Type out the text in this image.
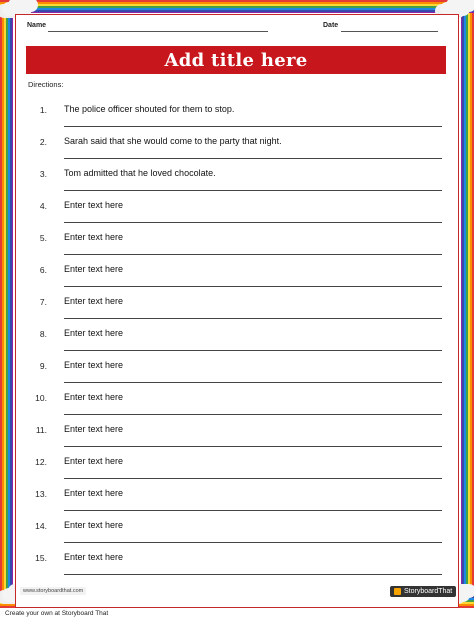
Name	Date
Add title here
Directions:
1. The police officer shouted for them to stop.
2. Sarah said that she would come to the party that night.
3. Tom admitted that he loved chocolate.
4. Enter text here
5. Enter text here
6. Enter text here
7. Enter text here
8. Enter text here
9. Enter text here
10. Enter text here
11. Enter text here
12. Enter text here
13. Enter text here
14. Enter text here
15. Enter text here
www.storyboardthat.com	StoryboardThat
Create your own at Storyboard That
